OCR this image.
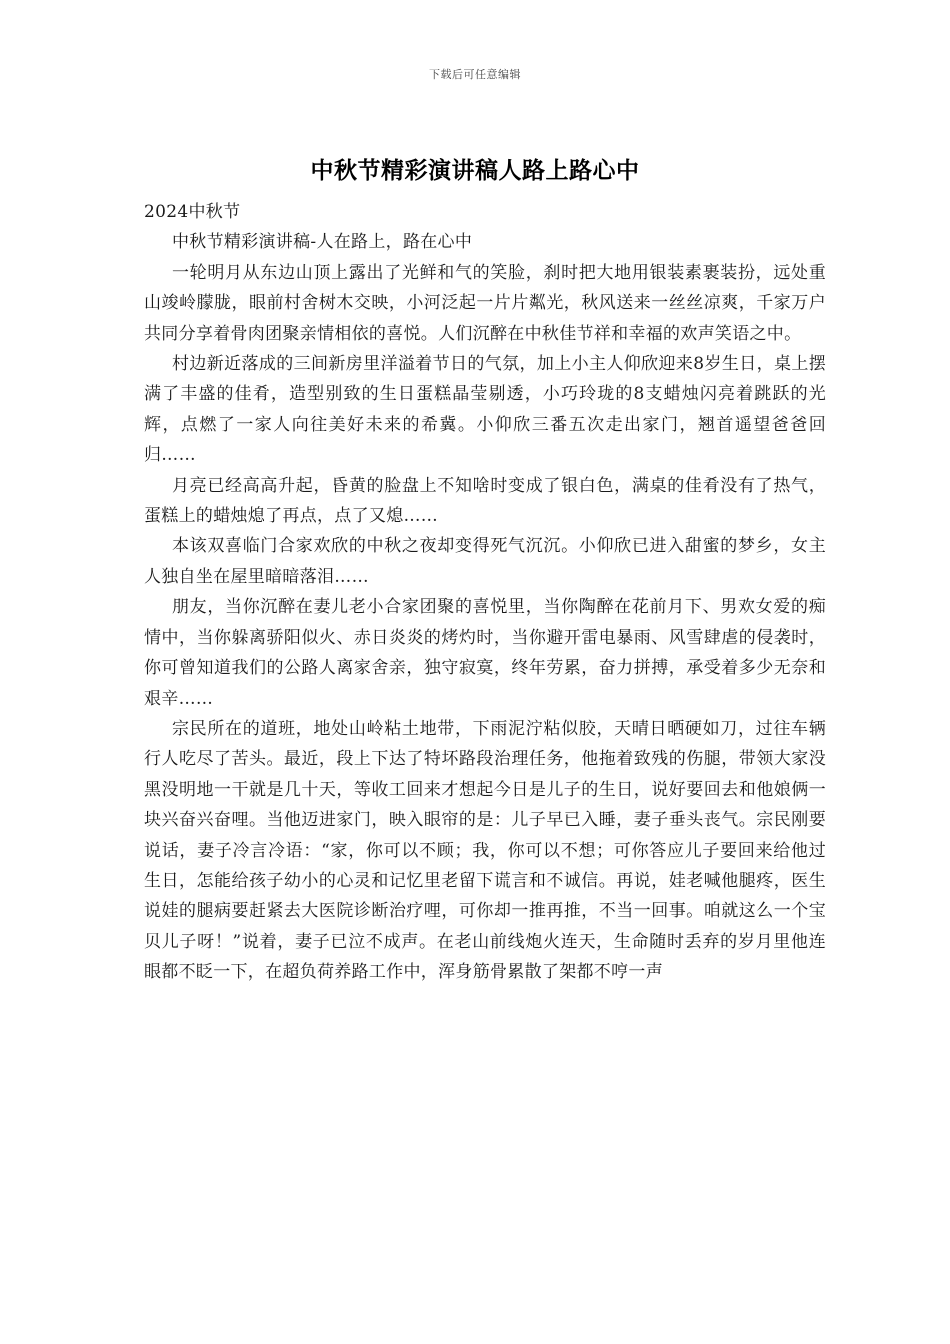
下载后可任意编辑
中秋节精彩演讲稿人路上路心中

2024中秋节

中秋节精彩演讲稿-人在路上，路在心中

一轮明月从东边山顶上露出了光鲜和气的笑脸，刹时把大地用银装素裹装扮，远处重山竣岭朦胧，眼前村舍树木交映，小河泛起一片片粼光，秋风送来一丝丝凉爽，千家万户共同分享着骨肉团聚亲情相依的喜悦。人们沉醉在中秋佳节祥和幸福的欢声笑语之中。

村边新近落成的三间新房里洋溢着节日的气氛，加上小主人仰欣迎来8岁生日，桌上摆满了丰盛的佳肴，造型别致的生日蛋糕晶莹剔透，小巧玲珑的8支蜡烛闪亮着跳跃的光辉，点燃了一家人向往美好未来的希冀。小仰欣三番五次走出家门，翘首遥望爸爸回归……

月亮已经高高升起，昏黄的脸盘上不知啥时变成了银白色，满桌的佳肴没有了热气，蛋糕上的蜡烛熄了再点，点了又熄……

本该双喜临门合家欢欣的中秋之夜却变得死气沉沉。小仰欣已进入甜蜜的梦乡，女主人独自坐在屋里暗暗落泪……

朋友，当你沉醉在妻儿老小合家团聚的喜悦里，当你陶醉在花前月下、男欢女爱的痴情中，当你躲离骄阳似火、赤日炎炎的烤灼时，当你避开雷电暴雨、风雪肆虐的侵袭时，你可曾知道我们的公路人离家舍亲，独守寂寞，终年劳累，奋力拼搏，承受着多少无奈和艰辛……

宗民所在的道班，地处山岭粘土地带，下雨泥泞粘似胶，天晴日晒硬如刀，过往车辆行人吃尽了苦头。最近，段上下达了特坏路段治理任务，他拖着致残的伤腿，带领大家没黑没明地一干就是几十天，等收工回来才想起今日是儿子的生日，说好要回去和他娘俩一块兴奋兴奋哩。当他迈进家门，映入眼帘的是：儿子早已入睡，妻子垂头丧气。宗民刚要说话，妻子冷言冷语：“家，你可以不顾；我，你可以不想；可你答应儿子要回来给他过生日，怎能给孩子幼小的心灵和记忆里老留下谎言和不诚信。再说，娃老喊他腿疼，医生说娃的腿病要赶紧去大医院诊断治疗哩，可你却一推再推，不当一回事。咱就这么一个宝贝儿子呀！”说着，妻子已泣不成声。在老山前线炮火连天，生命随时丢弃的岁月里他连眼都不眨一下，在超负荷养路工作中，浑身筋骨累散了架都不哼一声
